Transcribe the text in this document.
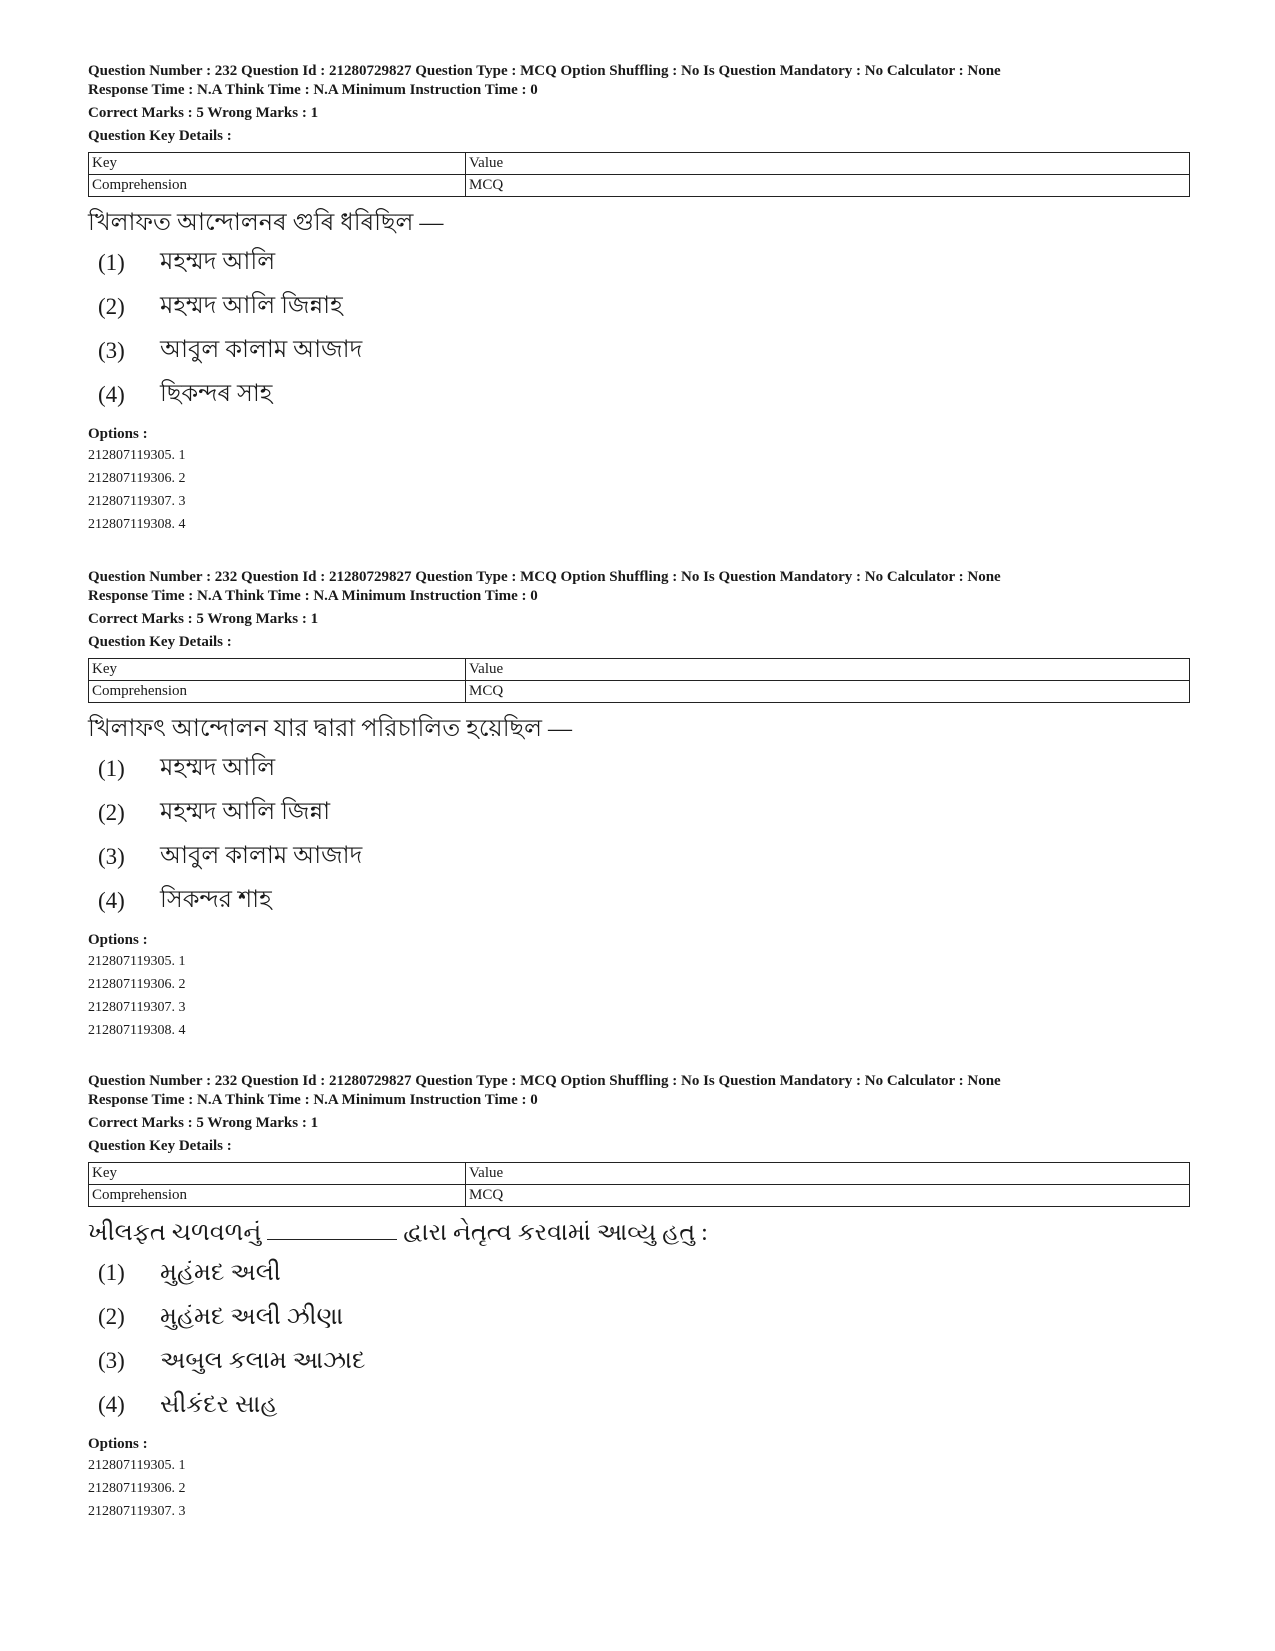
Question Number : 232 Question Id : 21280729827 Question Type : MCQ Option Shuffling : No Is Question Mandatory : No Calculator : None
Response Time : N.A Think Time : N.A Minimum Instruction Time : 0
Correct Marks : 5 Wrong Marks : 1
Question Key Details :
Key	Value
Comprehension	MCQ
খিলাফত আন্দোলনৰ গুৰি ধৰিছিল —
(1)	মহম্মদ আলি
(2)	মহম্মদ আলি জিন্নাহ
(3)	আবুল কালাম আজাদ
(4)	ছিকন্দৰ সাহ
Options :
212807119305. 1
212807119306. 2
212807119307. 3
212807119308. 4
Question Number : 232 Question Id : 21280729827 Question Type : MCQ Option Shuffling : No Is Question Mandatory : No Calculator : None
Response Time : N.A Think Time : N.A Minimum Instruction Time : 0
Correct Marks : 5 Wrong Marks : 1
Question Key Details :
Key	Value
Comprehension	MCQ
খিলাফৎ আন্দোলন যার দ্বারা পরিচালিত হয়েছিল —
(1)	মহম্মদ আলি
(2)	মহম্মদ আলি জিন্না
(3)	আবুল কালাম আজাদ
(4)	সিকন্দর শাহ
Options :
212807119305. 1
212807119306. 2
212807119307. 3
212807119308. 4
Question Number : 232 Question Id : 21280729827 Question Type : MCQ Option Shuffling : No Is Question Mandatory : No Calculator : None
Response Time : N.A Think Time : N.A Minimum Instruction Time : 0
Correct Marks : 5 Wrong Marks : 1
Question Key Details :
Key	Value
Comprehension	MCQ
ખીલફત ચળવળનું	દ્વારા નેતૃત્વ કરવામાં આવ્યુ હતુ :
(1)	મુહંમદ અલી
(2)	મુહંમદ અલી ઝીણા
(3)	અબુલ કલામ આઝાદ
(4)	સીકંદર સાહ
Options :
212807119305. 1
212807119306. 2
212807119307. 3
